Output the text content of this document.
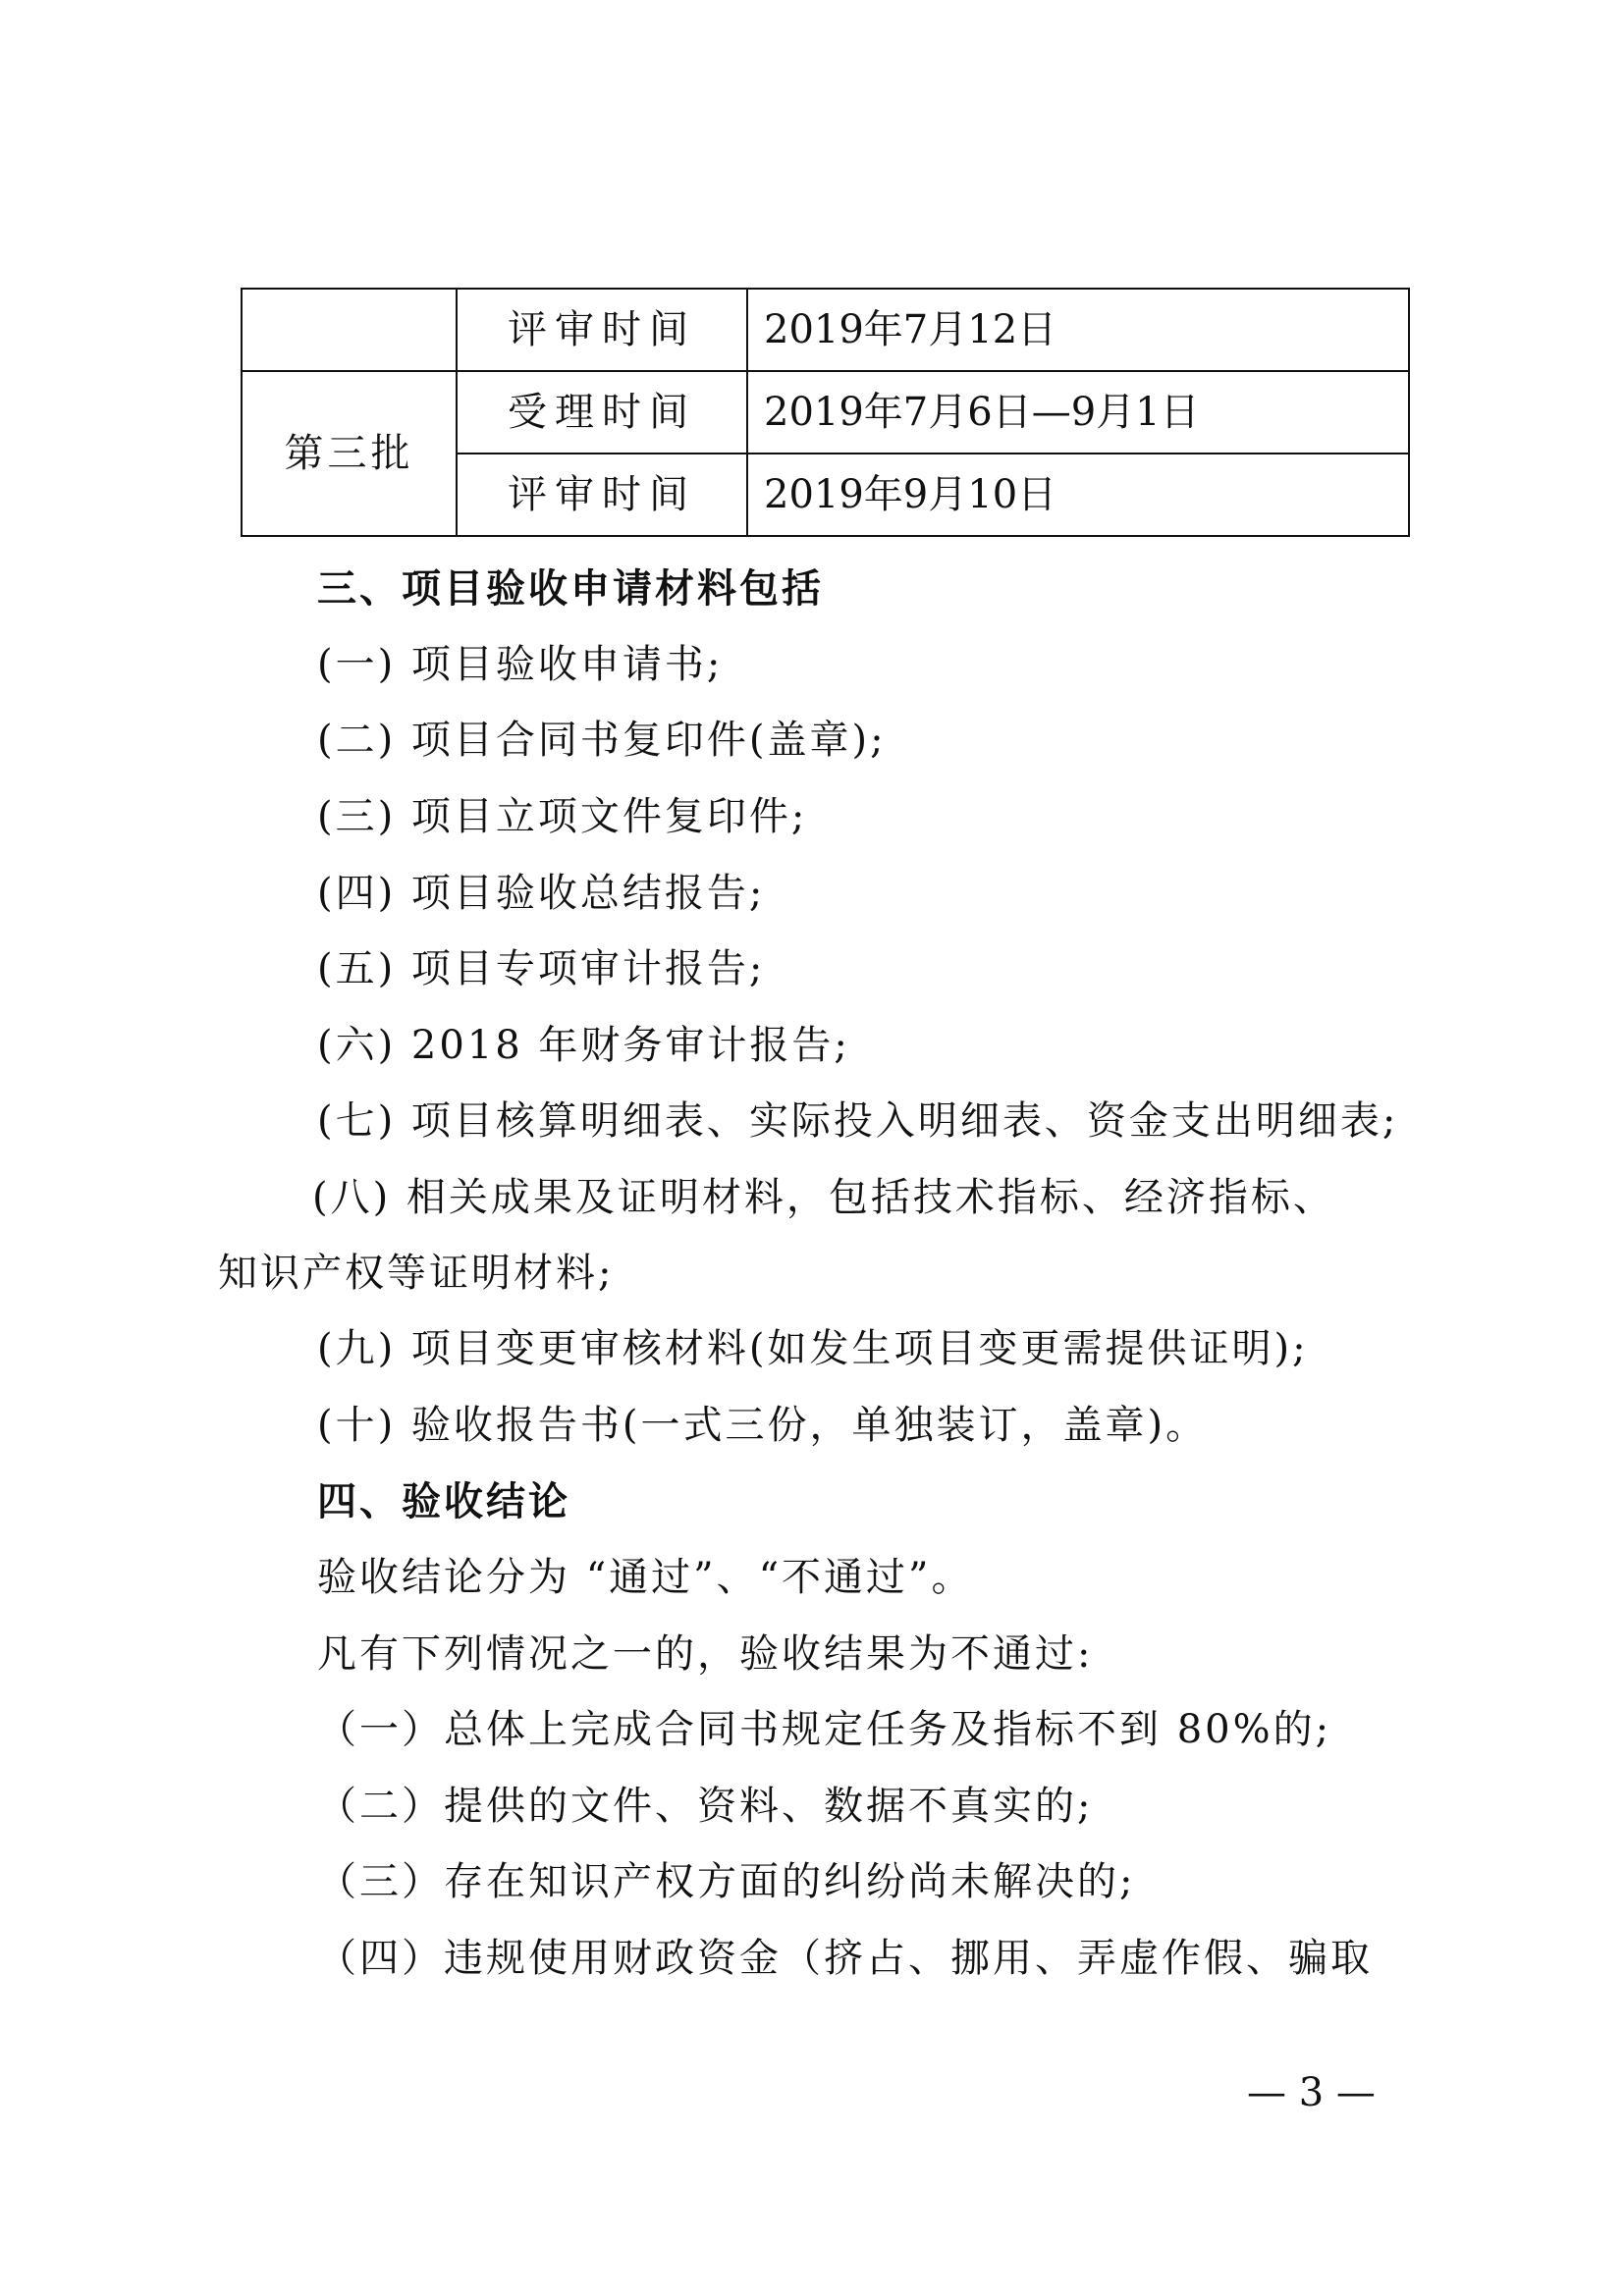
	评审时间	2019年7月12日
第三批	受理时间	2019年7月6日—9月1日
	评审时间	2019年9月10日
三、项目验收申请材料包括
(一) 项目验收申请书;
(二) 项目合同书复印件(盖章);
(三) 项目立项文件复印件;
(四) 项目验收总结报告;
(五) 项目专项审计报告;
(六) 2018 年财务审计报告;
(七) 项目核算明细表、实际投入明细表、资金支出明细表;
(八) 相关成果及证明材料，包括技术指标、经济指标、
知识产权等证明材料;
(九) 项目变更审核材料(如发生项目变更需提供证明);
(十) 验收报告书(一式三份，单独装订，盖章)。
四、验收结论
验收结论分为 “通过”、“不通过”。
凡有下列情况之一的，验收结果为不通过:
（一）总体上完成合同书规定任务及指标不到 80%的;
（二）提供的文件、资料、数据不真实的;
（三）存在知识产权方面的纠纷尚未解决的;
（四）违规使用财政资金（挤占、挪用、弄虚作假、骗取
— 3 —
